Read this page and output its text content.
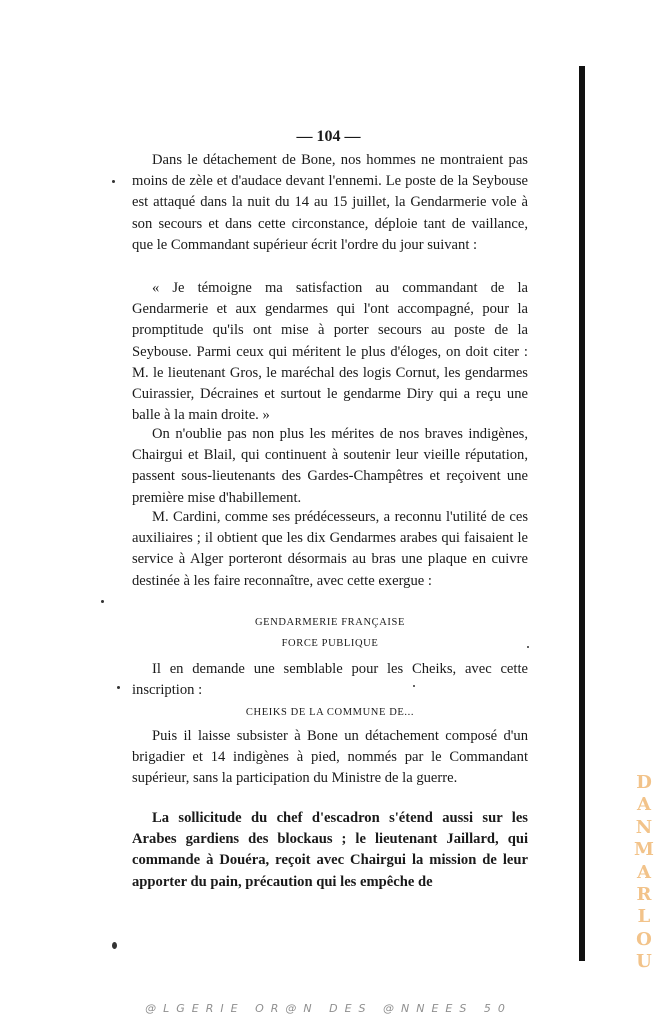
— 104 —

Dans le détachement de Bone, nos hommes ne montraient pas moins de zèle et d'audace devant l'ennemi. Le poste de la Seybouse est attaqué dans la nuit du 14 au 15 juillet, la Gendarmerie vole à son secours et dans cette circonstance, déploie tant de vaillance, que le Commandant supérieur écrit l'ordre du jour suivant :

« Je témoigne ma satisfaction au commandant de la Gendarmerie et aux gendarmes qui l'ont accompagné, pour la promptitude qu'ils ont mise à porter secours au poste de la Seybouse. Parmi ceux qui méritent le plus d'éloges, on doit citer : M. le lieutenant Gros, le maréchal des logis Cornut, les gendarmes Cuirassier, Décraines et surtout le gendarme Diry qui a reçu une balle à la main droite. »

On n'oublie pas non plus les mérites de nos braves indigènes, Chairgui et Blail, qui continuent à soutenir leur vieille réputation, passent sous-lieutenants des Gardes-Champêtres et reçoivent une première mise d'habillement.

M. Cardini, comme ses prédécesseurs, a reconnu l'utilité de ces auxiliaires ; il obtient que les dix Gendarmes arabes qui faisaient le service à Alger porteront désormais au bras une plaque en cuivre destinée à les faire reconnaître, avec cette exergue :

GENDARMERIE FRANÇAISE
FORCE PUBLIQUE

Il en demande une semblable pour les Cheiks, avec cette inscription :

CHEIKS DE LA COMMUNE DE...

Puis il laisse subsister à Bone un détachement composé d'un brigadier et 14 indigènes à pied, nommés par le Commandant supérieur, sans la participation du Ministre de la guerre.

La sollicitude du chef d'escadron s'étend aussi sur les Arabes gardiens des blockaus ; le lieutenant Jaillard, qui commande à Douéra, reçoit avec Chairgui la mission de leur apporter du pain, précaution qui les empêche de

DANMARLOU
@LGERIE OR@N DES @NNEES 50
